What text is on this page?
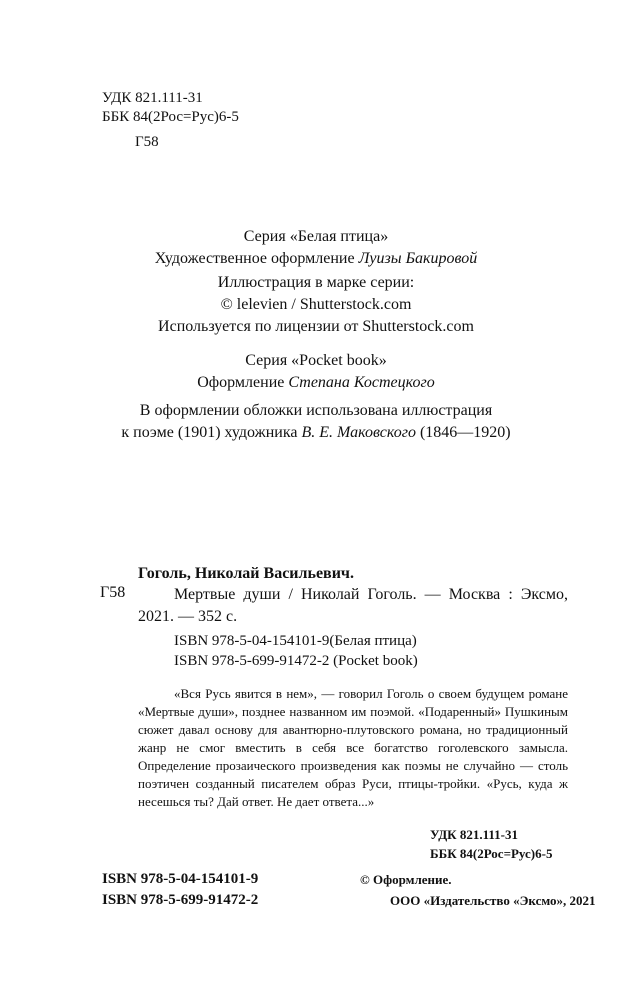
УДК 821.111-31
ББК 84(2Рос=Рус)6-5
Г58

Серия «Белая птица»

Художественное оформление Луизы Бакировой

Иллюстрация в марке серии:

© lelevien / Shutterstock.com

Используется по лицензии от Shutterstock.com

Серия «Pocket book»

Оформление Степана Костецкого

В оформлении обложки использована иллюстрация

к поэме (1901) художника В. Е. Маковского (1846—1920)

Гоголь, Николай Васильевич.
Г58	Мертвые души / Николай Гоголь. — Москва : Эксмо, 2021. — 352 с.
ISBN 978-5-04-154101-9(Белая птица)
ISBN 978-5-699-91472-2 (Pocket book)
«Вся Русь явится в нем», — говорил Гоголь о своем будущем романе «Мертвые души», позднее названном им поэмой. «Подаренный» Пушкиным сюжет давал основу для авантюрно-плутовского романа, но традиционный жанр не смог вместить в себя все богатство гоголевского замысла. Определение прозаического произведения как поэмы не случайно — столь поэтичен созданный писателем образ Руси, птицы-тройки. «Русь, куда ж несешься ты? Дай ответ. Не дает ответа...»
УДК 821.111-31
ББК 84(2Рос=Рус)6-5
ISBN 978-5-04-154101-9
ISBN 978-5-699-91472-2
© Оформление.
ООО «Издательство «Эксмо», 2021
